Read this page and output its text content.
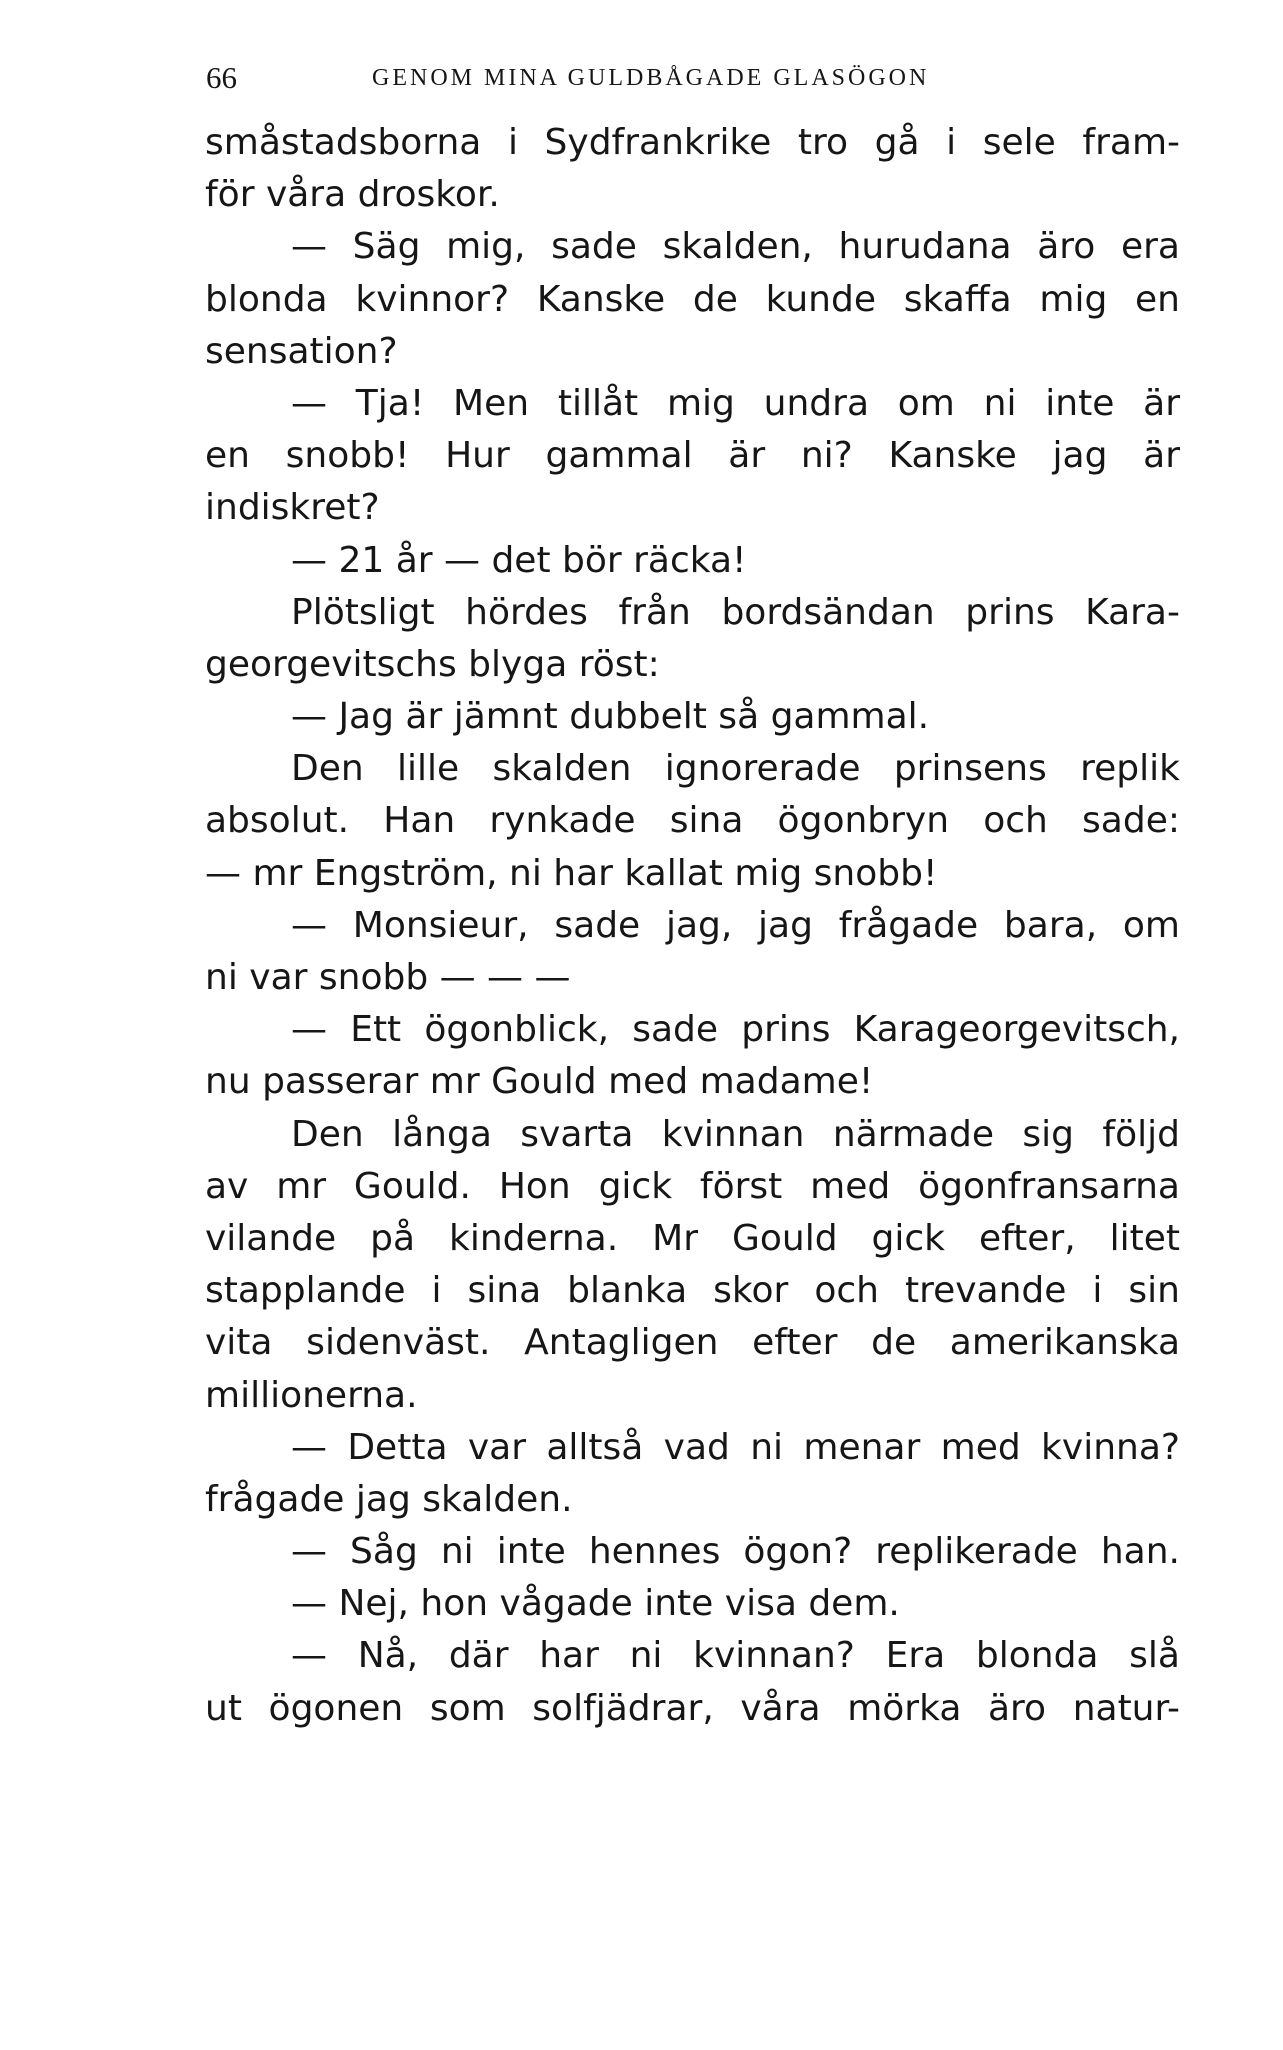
66	GENOM MINA GULDBÅGADE GLASÖGON
småstadsborna i Sydfrankrike tro gå i sele fram-
för våra droskor.
— Säg mig, sade skalden, hurudana äro era
blonda kvinnor? Kanske de kunde skaffa mig en
sensation?
— Tja! Men tillåt mig undra om ni inte är
en snobb! Hur gammal är ni? Kanske jag är
indiskret?
— 21 år — det bör räcka!
Plötsligt hördes från bordsändan prins Kara-
georgevitschs blyga röst:
— Jag är jämnt dubbelt så gammal.
Den lille skalden ignorerade prinsens replik
absolut. Han rynkade sina ögonbryn och sade:
— mr Engström, ni har kallat mig snobb!
— Monsieur, sade jag, jag frågade bara, om
ni var snobb — — —
— Ett ögonblick, sade prins Karageorgevitsch,
nu passerar mr Gould med madame!
Den långa svarta kvinnan närmade sig följd
av mr Gould. Hon gick först med ögonfransarna
vilande på kinderna. Mr Gould gick efter, litet
stapplande i sina blanka skor och trevande i sin
vita sidenväst. Antagligen efter de amerikanska
millionerna.
— Detta var alltså vad ni menar med kvinna?
frågade jag skalden.
— Såg ni inte hennes ögon? replikerade han.
— Nej, hon vågade inte visa dem.
— Nå, där har ni kvinnan? Era blonda slå
ut ögonen som solfjädrar, våra mörka äro natur-
